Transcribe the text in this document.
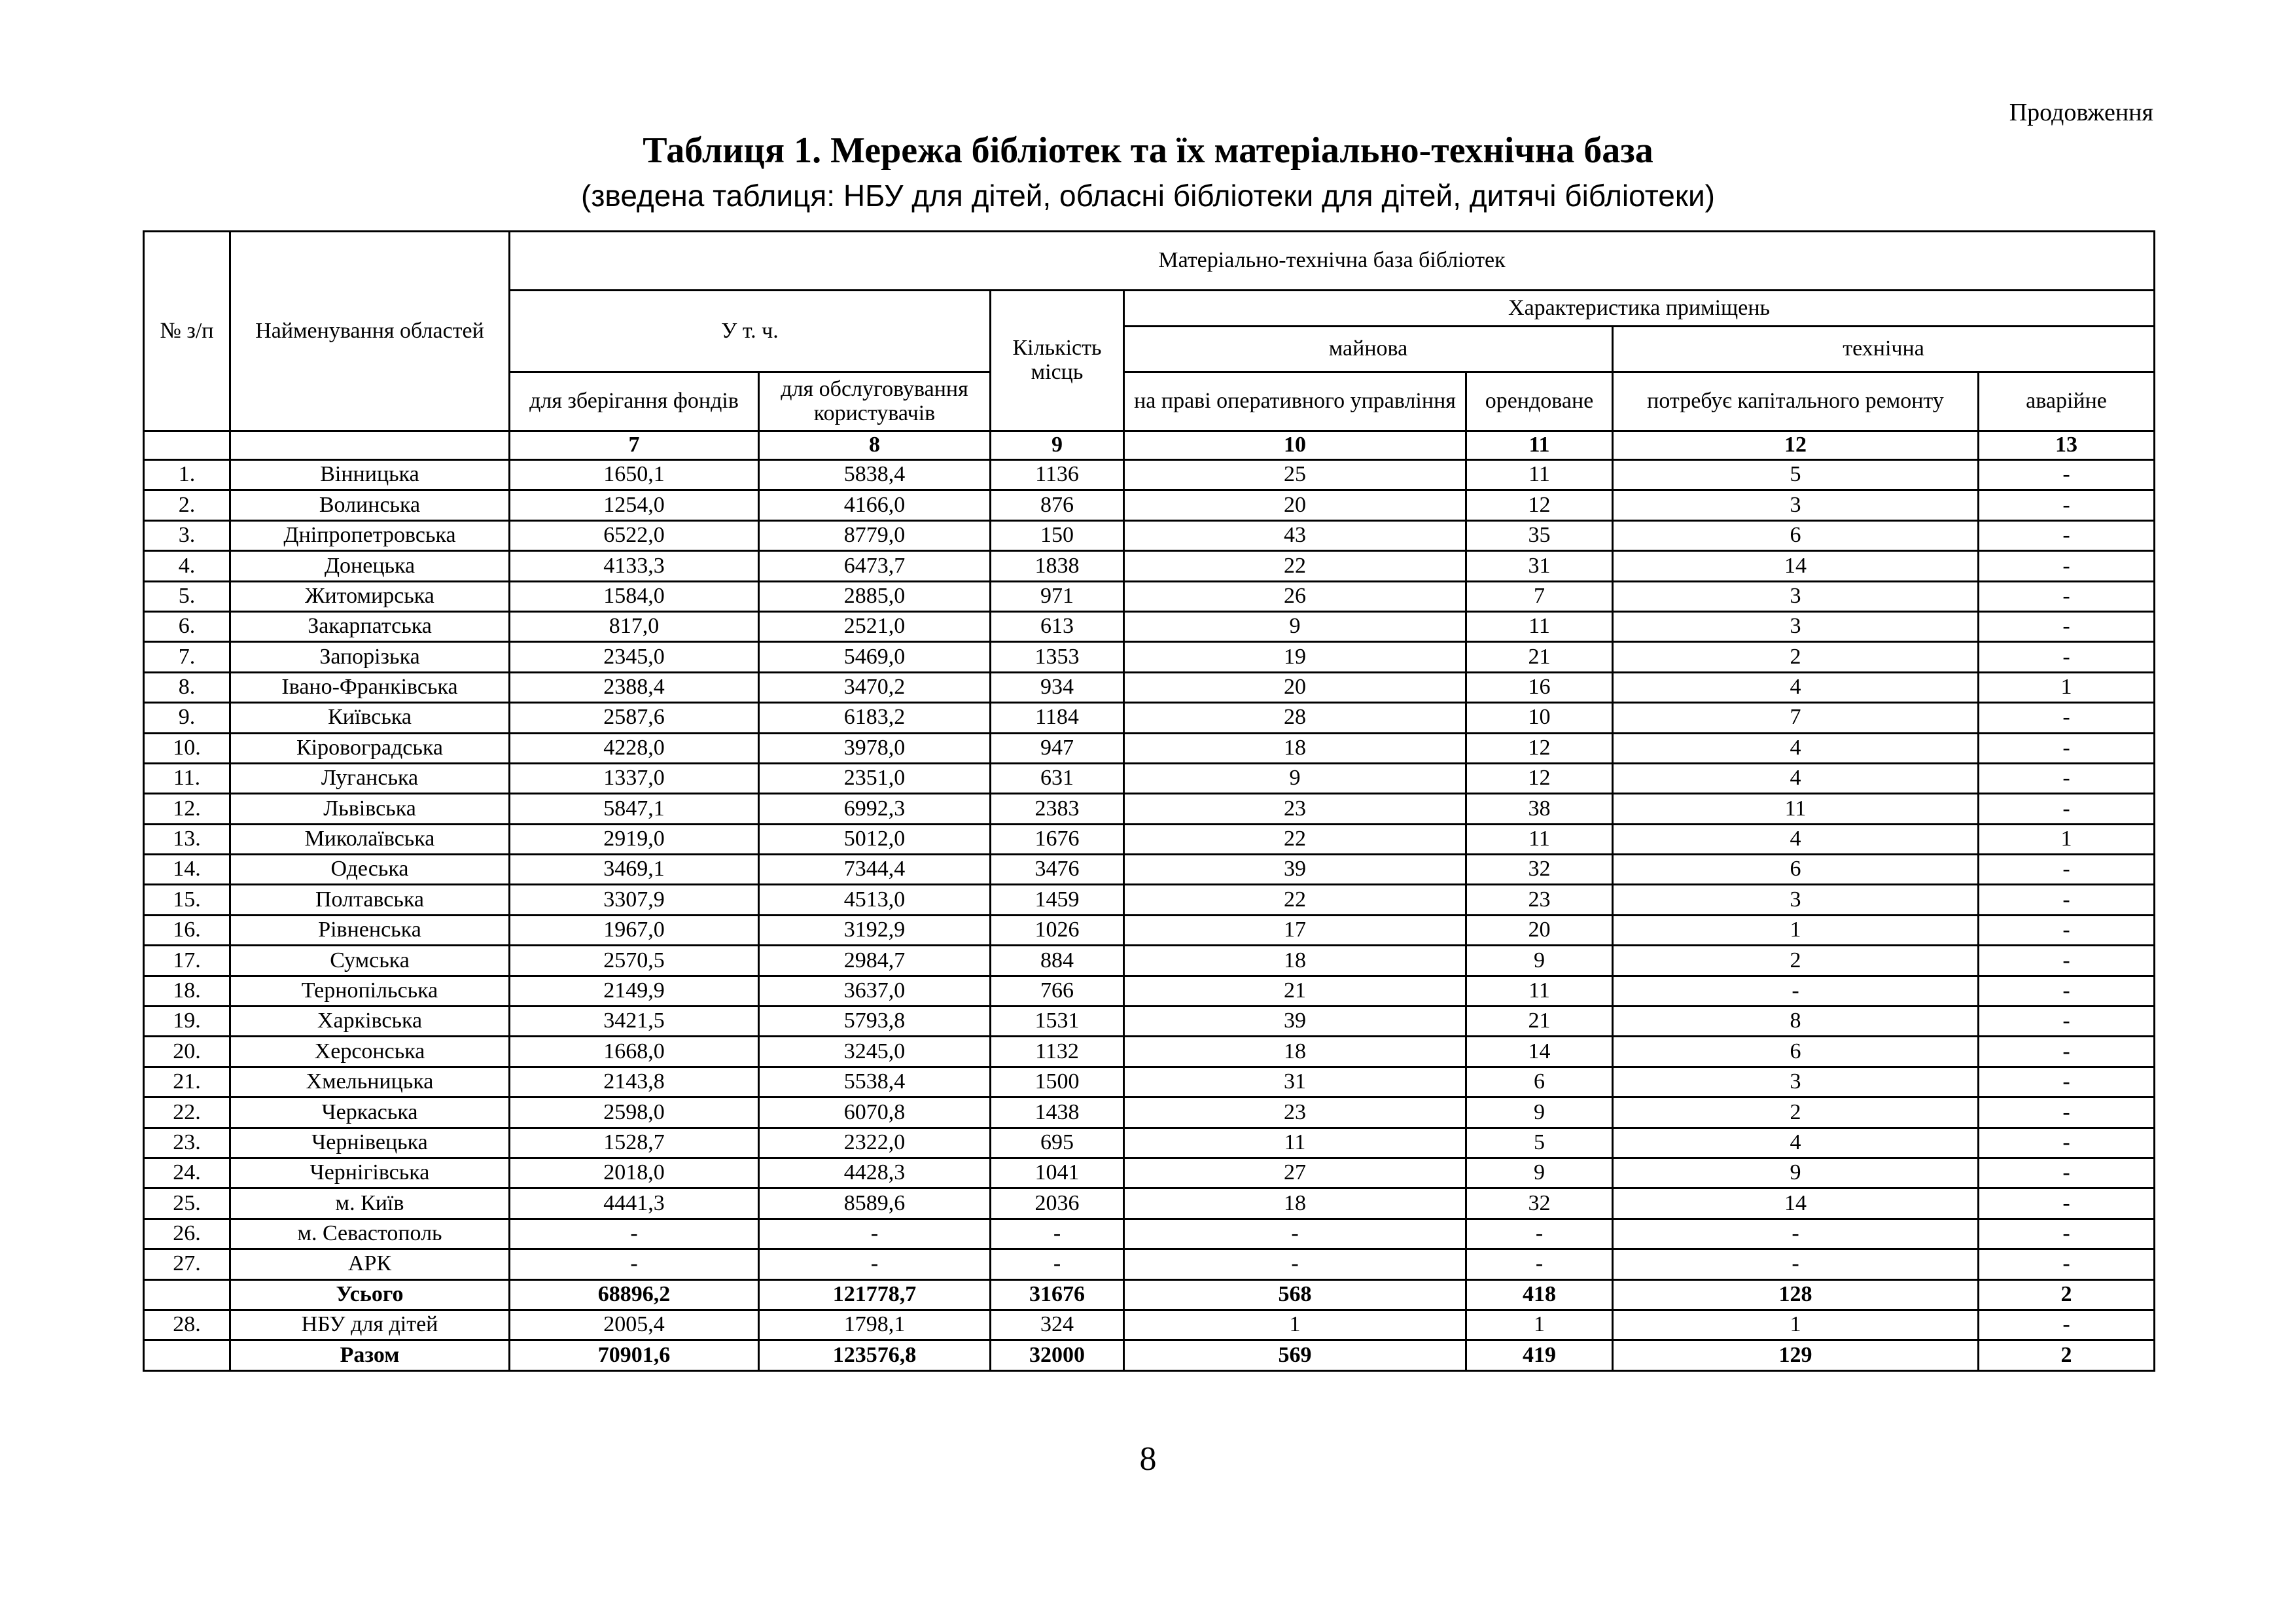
Продовження
Таблиця 1. Мережа бібліотек та їх матеріально-технічна база
(зведена таблиця: НБУ для дітей, обласні бібліотеки для дітей, дитячі бібліотеки)
№ з/п	Найменування областей	Матеріально-технічна база бібліотек						
		У т. ч.		Кількість місць	Характеристика приміщень			
					майнова		технічна	
		для зберігання фондів	для обслуговування користувачів		на праві оперативного управління	орендоване	потребує капітального ремонту	аварійне
		7	8	9	10	11	12	13
1.	Вінницька	1650,1	5838,4	1136	25	11	5	-
2.	Волинська	1254,0	4166,0	876	20	12	3	-
3.	Дніпропетровська	6522,0	8779,0	150	43	35	6	-
4.	Донецька	4133,3	6473,7	1838	22	31	14	-
5.	Житомирська	1584,0	2885,0	971	26	7	3	-
6.	Закарпатська	817,0	2521,0	613	9	11	3	-
7.	Запорізька	2345,0	5469,0	1353	19	21	2	-
8.	Івано-Франківська	2388,4	3470,2	934	20	16	4	1
9.	Київська	2587,6	6183,2	1184	28	10	7	-
10.	Кіровоградська	4228,0	3978,0	947	18	12	4	-
11.	Луганська	1337,0	2351,0	631	9	12	4	-
12.	Львівська	5847,1	6992,3	2383	23	38	11	-
13.	Миколаївська	2919,0	5012,0	1676	22	11	4	1
14.	Одеська	3469,1	7344,4	3476	39	32	6	-
15.	Полтавська	3307,9	4513,0	1459	22	23	3	-
16.	Рівненська	1967,0	3192,9	1026	17	20	1	-
17.	Сумська	2570,5	2984,7	884	18	9	2	-
18.	Тернопільська	2149,9	3637,0	766	21	11	-	-
19.	Харківська	3421,5	5793,8	1531	39	21	8	-
20.	Херсонська	1668,0	3245,0	1132	18	14	6	-
21.	Хмельницька	2143,8	5538,4	1500	31	6	3	-
22.	Черкаська	2598,0	6070,8	1438	23	9	2	-
23.	Чернівецька	1528,7	2322,0	695	11	5	4	-
24.	Чернігівська	2018,0	4428,3	1041	27	9	9	-
25.	м. Київ	4441,3	8589,6	2036	18	32	14	-
26.	м. Севастополь	-	-	-	-	-	-	-
27.	АРК	-	-	-	-	-	-	-
	Усього	68896,2	121778,7	31676	568	418	128	2
28.	НБУ для дітей	2005,4	1798,1	324	1	1	1	-
	Разом	70901,6	123576,8	32000	569	419	129	2
8
